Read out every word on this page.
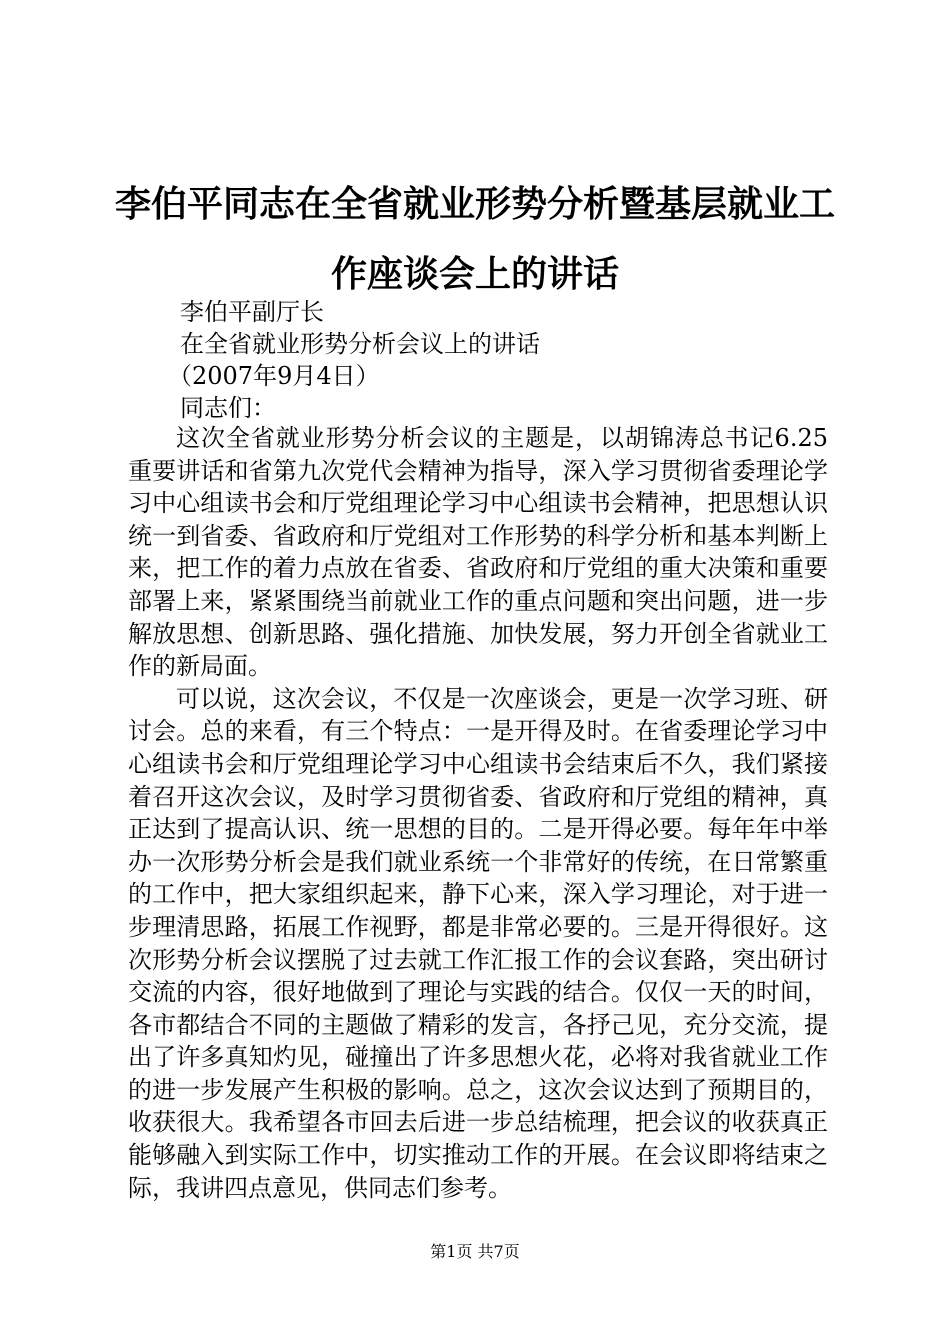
李伯平同志在全省就业形势分析暨基层就业工
作座谈会上的讲话
李伯平副厅长
在全省就业形势分析会议上的讲话
（2007年9月4日）
同志们：

这次全省就业形势分析会议的主题是，以胡锦涛总书记6.25重要讲话和省第九次党代会精神为指导，深入学习贯彻省委理论学习中心组读书会和厅党组理论学习中心组读书会精神，把思想认识统一到省委、省政府和厅党组对工作形势的科学分析和基本判断上来，把工作的着力点放在省委、省政府和厅党组的重大决策和重要部署上来，紧紧围绕当前就业工作的重点问题和突出问题，进一步解放思想、创新思路、强化措施、加快发展，努力开创全省就业工作的新局面。

可以说，这次会议，不仅是一次座谈会，更是一次学习班、研讨会。总的来看，有三个特点：一是开得及时。在省委理论学习中心组读书会和厅党组理论学习中心组读书会结束后不久，我们紧接着召开这次会议，及时学习贯彻省委、省政府和厅党组的精神，真正达到了提高认识、统一思想的目的。二是开得必要。每年年中举办一次形势分析会是我们就业系统一个非常好的传统，在日常繁重的工作中，把大家组织起来，静下心来，深入学习理论，对于进一步理清思路，拓展工作视野，都是非常必要的。三是开得很好。这次形势分析会议摆脱了过去就工作汇报工作的会议套路，突出研讨交流的内容，很好地做到了理论与实践的结合。仅仅一天的时间，各市都结合不同的主题做了精彩的发言，各抒己见，充分交流，提出了许多真知灼见，碰撞出了许多思想火花，必将对我省就业工作的进一步发展产生积极的影响。总之，这次会议达到了预期目的，收获很大。我希望各市回去后进一步总结梳理，把会议的收获真正能够融入到实际工作中，切实推动工作的开展。在会议即将结束之际，我讲四点意见，供同志们参考。

第1页 共7页
